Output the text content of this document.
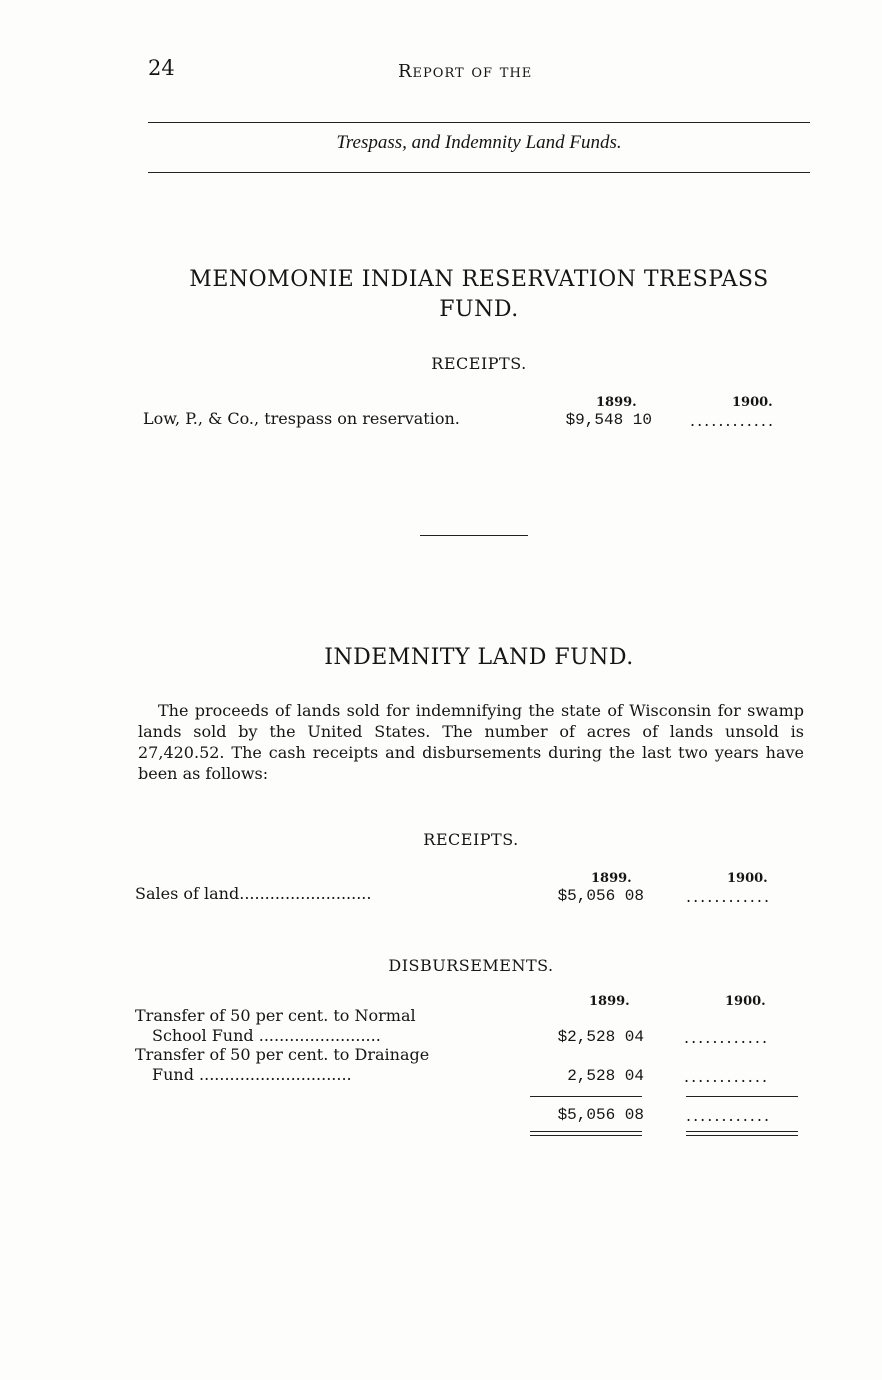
24	Report of the
Trespass, and Indemnity Land Funds.
MENOMONIE INDIAN RESERVATION TRESPASS
FUND.
RECEIPTS.
1899.	1900.
Low, P., & Co., trespass on reservation.	$9,548 10 ............
INDEMNITY LAND FUND.
The proceeds of lands sold for indemnifying the state of Wisconsin for swamp lands sold by the United States. The number of acres of lands unsold is 27,420.52. The cash receipts and disbursements during the last two years have been as follows:
RECEIPTS.
1899.	1900.
Sales of land..........................	$5,056 08	............
DISBURSEMENTS.
1899.	1900.
Transfer of 50 per cent. to Normal
School Fund ........................	$2,528 04	............
Transfer of 50 per cent. to Drainage
Fund ..............................	2,528 04	............
$5,056 08	............
